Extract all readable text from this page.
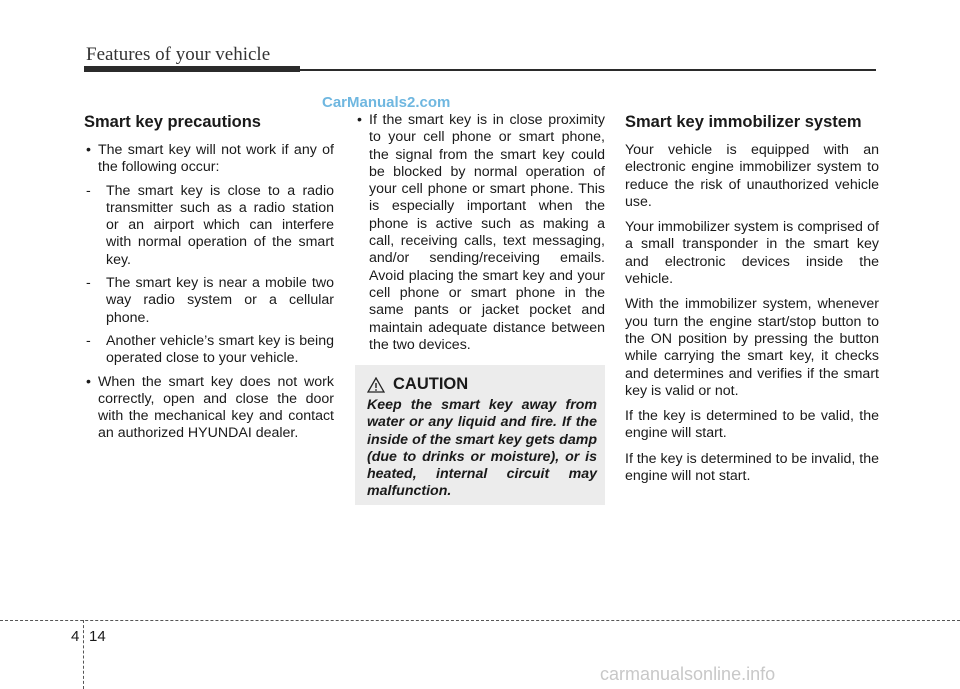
Features of your vehicle
CarManuals2.com
Smart key precautions
• The smart key will not work if any of the following occur:
- The smart key is close to a radio transmitter such as a radio station or an airport which can interfere with normal operation of the smart key.
- The smart key is near a mobile two way radio system or a cellular phone.
- Another vehicle’s smart key is being operated close to your vehicle.
• When the smart key does not work correctly, open and close the door with the mechanical key and contact an authorized HYUNDAI dealer.
• If the smart key is in close proximity to your cell phone or smart phone, the signal from the smart key could be blocked by normal operation of your cell phone or smart phone. This is especially important when the phone is active such as making a call, receiving calls, text messaging, and/or sending/receiving emails. Avoid placing the smart key and your cell phone or smart phone in the same pants or jacket pocket and maintain adequate distance between the two devices.
CAUTION
Keep the smart key away from water or any liquid and fire. If the inside of the smart key gets damp (due to drinks or moisture), or is heated, internal circuit may malfunction.
Smart key immobilizer system

Your vehicle is equipped with an electronic engine immobilizer system to reduce the risk of unauthorized vehicle use.

Your immobilizer system is comprised of a small transponder in the smart key and electronic devices inside the vehicle.

With the immobilizer system, whenever you turn the engine start/stop button to the ON position by pressing the button while carrying the smart key, it checks and determines and verifies if the smart key is valid or not.

If the key is determined to be valid, the engine will start.

If the key is determined to be invalid, the engine will not start.

4 14
carmanualsonline.info
